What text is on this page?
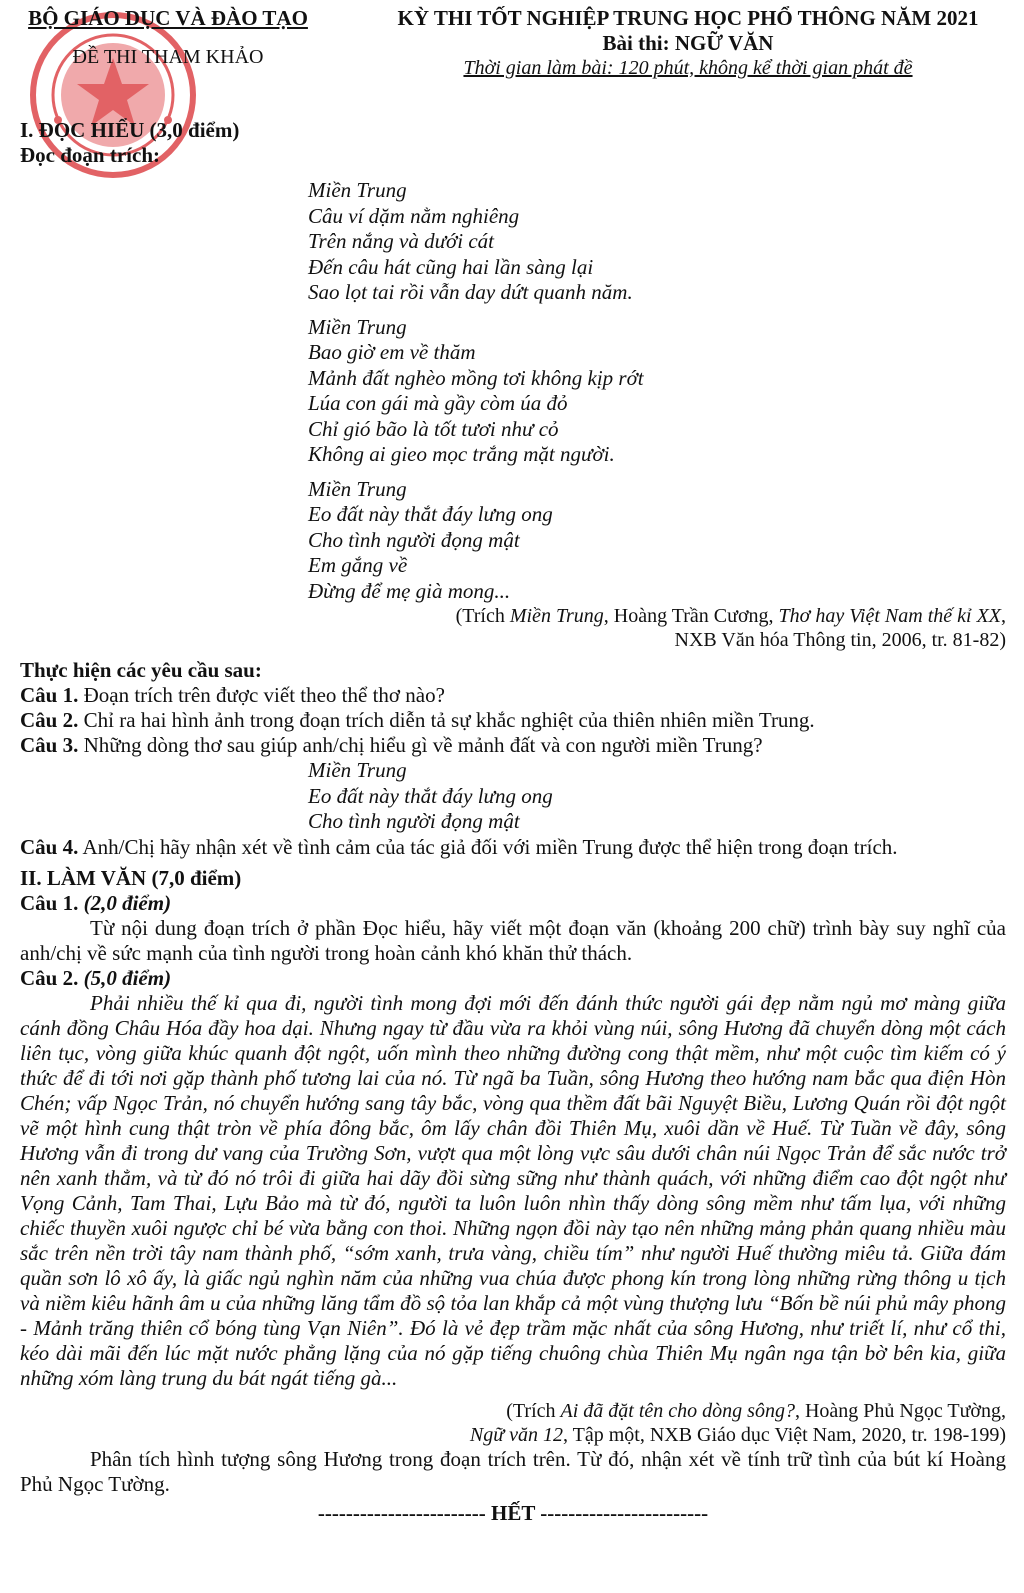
BỘ GIÁO DỤC VÀ ĐÀO TẠO
ĐỀ THI THAM KHẢO
KỲ THI TỐT NGHIỆP TRUNG HỌC PHỔ THÔNG NĂM 2021
Bài thi: NGỮ VĂN
Thời gian làm bài: 120 phút, không kể thời gian phát đề
I. ĐỌC HIỂU (3,0 điểm)
Đọc đoạn trích:
Miền Trung
Câu ví dặm nằm nghiêng
Trên nắng và dưới cát
Đến câu hát cũng hai lần sàng lại
Sao lọt tai rồi vẫn day dứt quanh năm.
Miền Trung
Bao giờ em về thăm
Mảnh đất nghèo mồng tơi không kịp rớt
Lúa con gái mà gầy còm úa đỏ
Chỉ gió bão là tốt tươi như cỏ
Không ai gieo mọc trắng mặt người.
Miền Trung
Eo đất này thắt đáy lưng ong
Cho tình người đọng mật
Em gắng về
Đừng để mẹ già mong...
(Trích Miền Trung, Hoàng Trần Cương, Thơ hay Việt Nam thế kỉ XX,
NXB Văn hóa Thông tin, 2006, tr. 81-82)
Thực hiện các yêu cầu sau:

Câu 1. Đoạn trích trên được viết theo thể thơ nào?

Câu 2. Chỉ ra hai hình ảnh trong đoạn trích diễn tả sự khắc nghiệt của thiên nhiên miền Trung.

Câu 3. Những dòng thơ sau giúp anh/chị hiểu gì về mảnh đất và con người miền Trung?

Miền Trung
Eo đất này thắt đáy lưng ong
Cho tình người đọng mật

Câu 4. Anh/Chị hãy nhận xét về tình cảm của tác giả đối với miền Trung được thể hiện trong đoạn trích.

II. LÀM VĂN (7,0 điểm)

Câu 1. (2,0 điểm)

Từ nội dung đoạn trích ở phần Đọc hiểu, hãy viết một đoạn văn (khoảng 200 chữ) trình bày suy nghĩ của anh/chị về sức mạnh của tình người trong hoàn cảnh khó khăn thử thách.

Câu 2. (5,0 điểm)

Phải nhiều thế kỉ qua đi, người tình mong đợi mới đến đánh thức người gái đẹp nằm ngủ mơ màng giữa cánh đồng Châu Hóa đầy hoa dại. Nhưng ngay từ đầu vừa ra khỏi vùng núi, sông Hương đã chuyển dòng một cách liên tục, vòng giữa khúc quanh đột ngột, uốn mình theo những đường cong thật mềm, như một cuộc tìm kiếm có ý thức để đi tới nơi gặp thành phố tương lai của nó. Từ ngã ba Tuần, sông Hương theo hướng nam bắc qua điện Hòn Chén; vấp Ngọc Trản, nó chuyển hướng sang tây bắc, vòng qua thềm đất bãi Nguyệt Biều, Lương Quán rồi đột ngột vẽ một hình cung thật tròn về phía đông bắc, ôm lấy chân đồi Thiên Mụ, xuôi dần về Huế. Từ Tuần về đây, sông Hương vẫn đi trong dư vang của Trường Sơn, vượt qua một lòng vực sâu dưới chân núi Ngọc Trản để sắc nước trở nên xanh thẳm, và từ đó nó trôi đi giữa hai dãy đồi sừng sững như thành quách, với những điểm cao đột ngột như Vọng Cảnh, Tam Thai, Lựu Bảo mà từ đó, người ta luôn luôn nhìn thấy dòng sông mềm như tấm lụa, với những chiếc thuyền xuôi ngược chỉ bé vừa bằng con thoi. Những ngọn đồi này tạo nên những mảng phản quang nhiều màu sắc trên nền trời tây nam thành phố, “sớm xanh, trưa vàng, chiều tím” như người Huế thường miêu tả. Giữa đám quần sơn lô xô ấy, là giấc ngủ nghìn năm của những vua chúa được phong kín trong lòng những rừng thông u tịch và niềm kiêu hãnh âm u của những lăng tẩm đồ sộ tỏa lan khắp cả một vùng thượng lưu “Bốn bề núi phủ mây phong - Mảnh trăng thiên cổ bóng tùng Vạn Niên”. Đó là vẻ đẹp trầm mặc nhất của sông Hương, như triết lí, như cổ thi, kéo dài mãi đến lúc mặt nước phẳng lặng của nó gặp tiếng chuông chùa Thiên Mụ ngân nga tận bờ bên kia, giữa những xóm làng trung du bát ngát tiếng gà...

(Trích Ai đã đặt tên cho dòng sông?, Hoàng Phủ Ngọc Tường,
Ngữ văn 12, Tập một, NXB Giáo dục Việt Nam, 2020, tr. 198-199)

Phân tích hình tượng sông Hương trong đoạn trích trên. Từ đó, nhận xét về tính trữ tình của bút kí Hoàng Phủ Ngọc Tường.

------------------------ HẾT ------------------------
